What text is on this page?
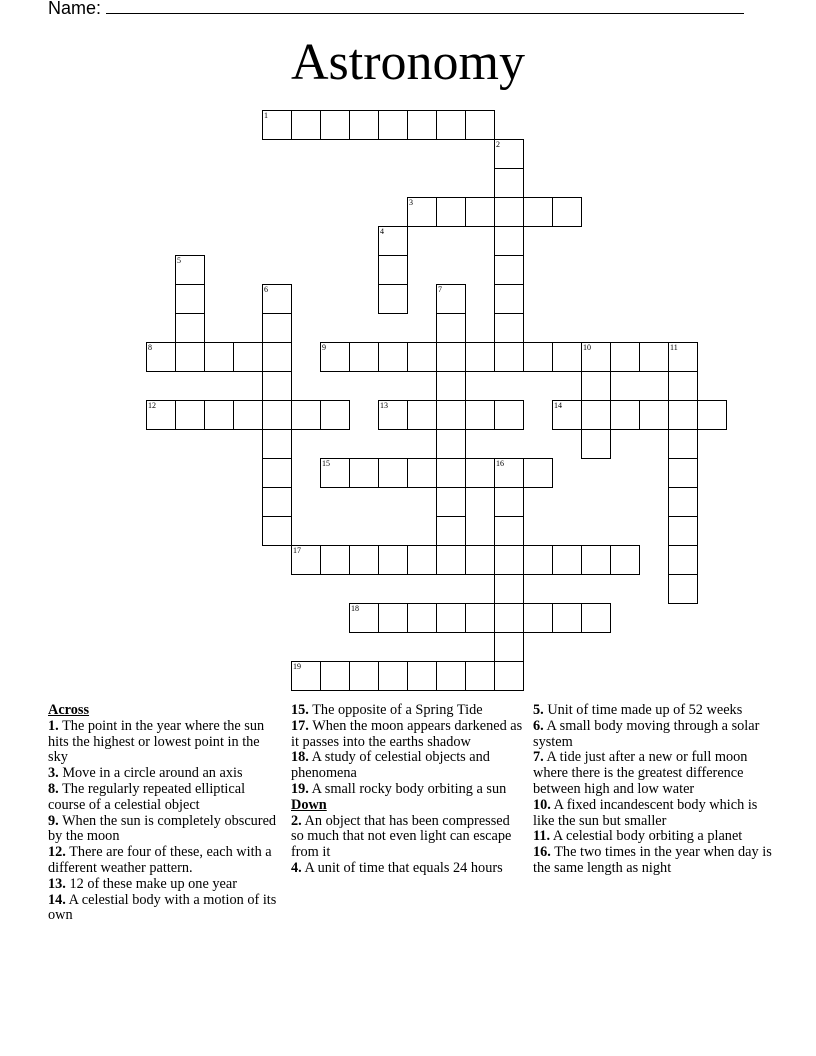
Name:
Astronomy
1
2
3
4
5
6	7
8	9	10	11
12	13	14
15	16
17
18
19
Across
1. The point in the year where the sun hits the highest or lowest point in the sky
3. Move in a circle around an axis
8. The regularly repeated elliptical course of a celestial object
9. When the sun is completely obscured by the moon
12. There are four of these, each with a different weather pattern.
13. 12 of these make up one year
14. A celestial body with a motion of its own
15. The opposite of a Spring Tide
17. When the moon appears darkened as it passes into the earths shadow
18. A study of celestial objects and phenomena
19. A small rocky body orbiting a sun
Down
2. An object that has been compressed so much that not even light can escape from it
4. A unit of time that equals 24 hours
5. Unit of time made up of 52 weeks
6. A small body moving through a solar system
7. A tide just after a new or full moon where there is the greatest difference between high and low water
10. A fixed incandescent body which is like the sun but smaller
11. A celestial body orbiting a planet
16. The two times in the year when day is the same length as night
